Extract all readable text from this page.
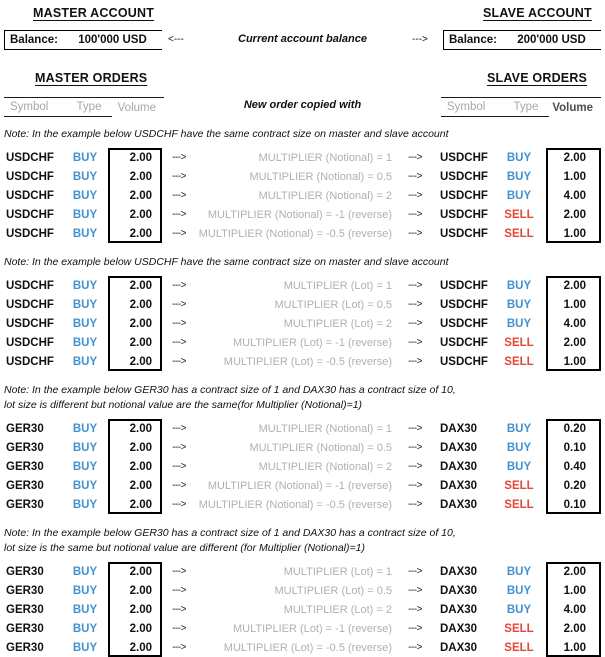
MASTER ACCOUNT	SLAVE ACCOUNT
Balance:	100'000 USD	<---	Current account balance	--->	Balance:	200'000 USD
MASTER ORDERS	SLAVE ORDERS
Symbol	Type	Volume	New order copied with	Symbol	Type	Volume
Note: In the example below USDCHF have the same contract size on master and slave account
USDCHF	BUY	2.00	--->	MULTIPLIER (Notional) = 1	--->	USDCHF	BUY	2.00
USDCHF	BUY	2.00	--->	MULTIPLIER (Notional) = 0.5	--->	USDCHF	BUY	1.00
USDCHF	BUY	2.00	--->	MULTIPLIER (Notional) = 2	--->	USDCHF	BUY	4.00
USDCHF	BUY	2.00	--->	MULTIPLIER (Notional) = -1 (reverse)	--->	USDCHF	SELL	2.00
USDCHF	BUY	2.00	--->	MULTIPLIER (Notional) = -0.5 (reverse)	--->	USDCHF	SELL	1.00
Note: In the example below USDCHF have the same contract size on master and slave account
USDCHF	BUY	2.00	--->	MULTIPLIER (Lot) = 1	--->	USDCHF	BUY	2.00
USDCHF	BUY	2.00	--->	MULTIPLIER (Lot) = 0.5	--->	USDCHF	BUY	1.00
USDCHF	BUY	2.00	--->	MULTIPLIER (Lot) = 2	--->	USDCHF	BUY	4.00
USDCHF	BUY	2.00	--->	MULTIPLIER (Lot) = -1 (reverse)	--->	USDCHF	SELL	2.00
USDCHF	BUY	2.00	--->	MULTIPLIER (Lot) = -0.5 (reverse)	--->	USDCHF	SELL	1.00
Note: In the example below GER30 has a contract size of 1 and DAX30 has a contract size of 10,
lot size is different but notional value are the same(for Multiplier (Notional)=1)
GER30	BUY	2.00	--->	MULTIPLIER (Notional) = 1	--->	DAX30	BUY	0.20
GER30	BUY	2.00	--->	MULTIPLIER (Notional) = 0.5	--->	DAX30	BUY	0.10
GER30	BUY	2.00	--->	MULTIPLIER (Notional) = 2	--->	DAX30	BUY	0.40
GER30	BUY	2.00	--->	MULTIPLIER (Notional) = -1 (reverse)	--->	DAX30	SELL	0.20
GER30	BUY	2.00	--->	MULTIPLIER (Notional) = -0.5 (reverse)	--->	DAX30	SELL	0.10
Note: In the example below GER30 has a contract size of 1 and DAX30 has a contract size of 10,
lot size is the same but notional value are different (for Multiplier (Notional)=1)
GER30	BUY	2.00	--->	MULTIPLIER (Lot) = 1	--->	DAX30	BUY	2.00
GER30	BUY	2.00	--->	MULTIPLIER (Lot) = 0.5	--->	DAX30	BUY	1.00
GER30	BUY	2.00	--->	MULTIPLIER (Lot) = 2	--->	DAX30	BUY	4.00
GER30	BUY	2.00	--->	MULTIPLIER (Lot) = -1 (reverse)	--->	DAX30	SELL	2.00
GER30	BUY	2.00	--->	MULTIPLIER (Lot) = -0.5 (reverse)	--->	DAX30	SELL	1.00
